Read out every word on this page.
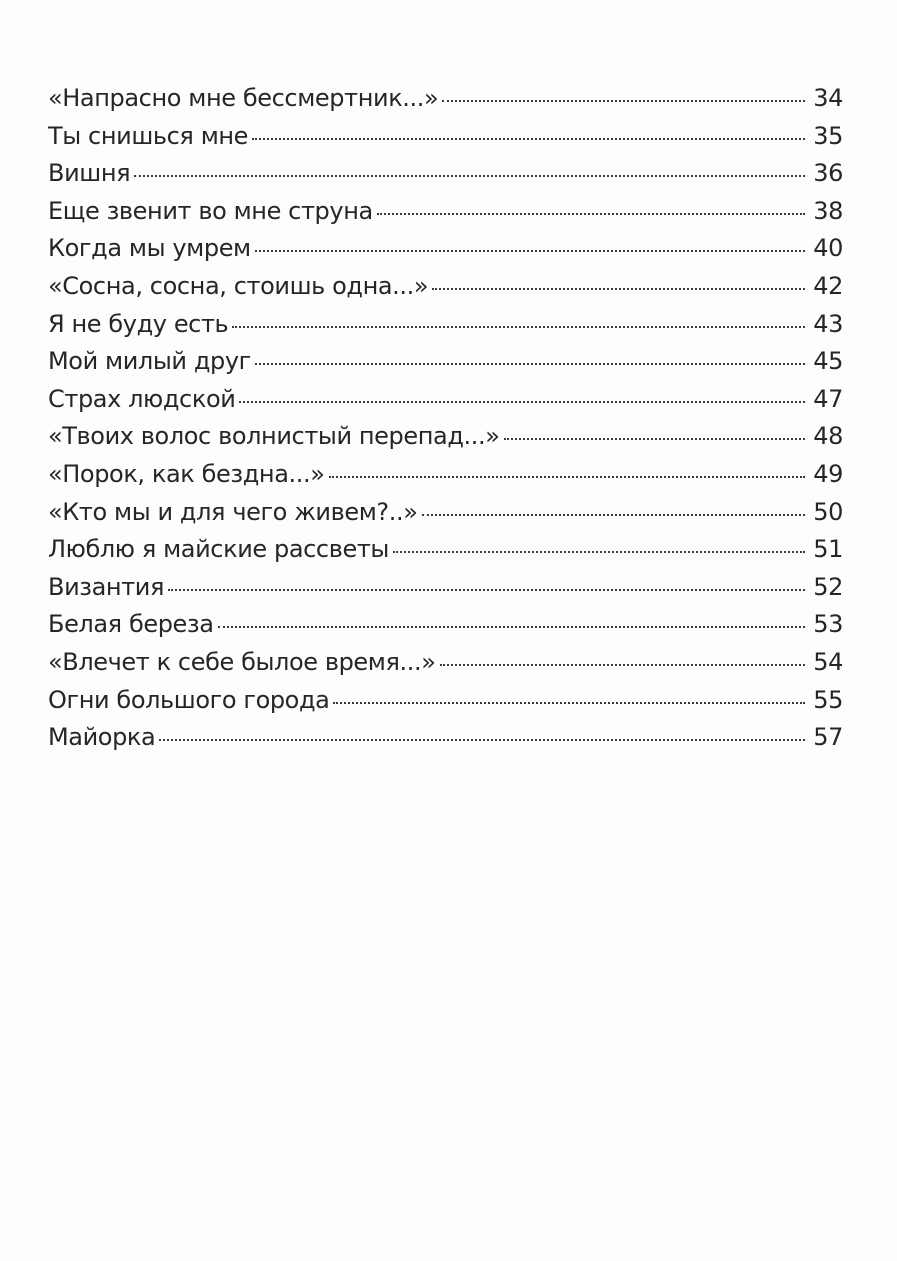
«Напрасно мне бессмертник...»	34
Ты снишься мне	35
Вишня	36
Еще звенит во мне струна	38
Когда мы умрем	40
«Сосна, сосна, стоишь одна...»	42
Я не буду есть	43
Мой милый друг	45
Страх людской	47
«Твоих волос волнистый перепад...»	48
«Порок, как бездна...»	49
«Кто мы и для чего живем?..»	50
Люблю я майские рассветы	51
Византия	52
Белая береза	53
«Влечет к себе былое время...»	54
Огни большого города	55
Майорка	57
